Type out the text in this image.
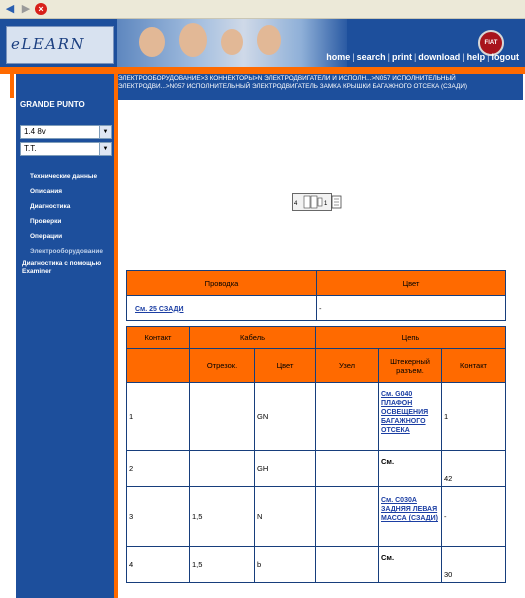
◀ ▶ ×
eLEARN	FIAT
home | search | print | download | help | logout
GRANDE PUNTO
1.4 8v	▼
T.T.	▼
Технические данные
Описания
Диагностика
Проверки
Операции
Электрооборудование
Диагностика с помощью Examiner
ЭЛЕКТРООБОРУДОВАНИЕ>3 КОННЕКТОРЫ>N ЭЛЕКТРОДВИГАТЕЛИ И ИСПОЛН...>N057 ИСПОЛНИТЕЛЬНЫЙ ЭЛЕКТРОДВИ...>N057 ИСПОЛНИТЕЛЬНЫЙ ЭЛЕКТРОДВИГАТЕЛЬ ЗАМКА КРЫШКИ БАГАЖНОГО ОТСЕКА (СЗАДИ)
4	1
Проводка	Цвет
См. 25 СЗАДИ	-
Контакт	Кабель		Цепь		
	Отрезок.	Цвет	Узел	Штекерный разъем.	Контакт
1		GN		См. G040 ПЛАФОН ОСВЕЩЕНИЯ БАГАЖНОГО ОТСЕКА	1
2		GH		См.	42
3	1,5	N		См. C030A ЗАДНЯЯ ЛЕВАЯ МАССА (СЗАДИ)	-
4	1,5	b		См.	30
